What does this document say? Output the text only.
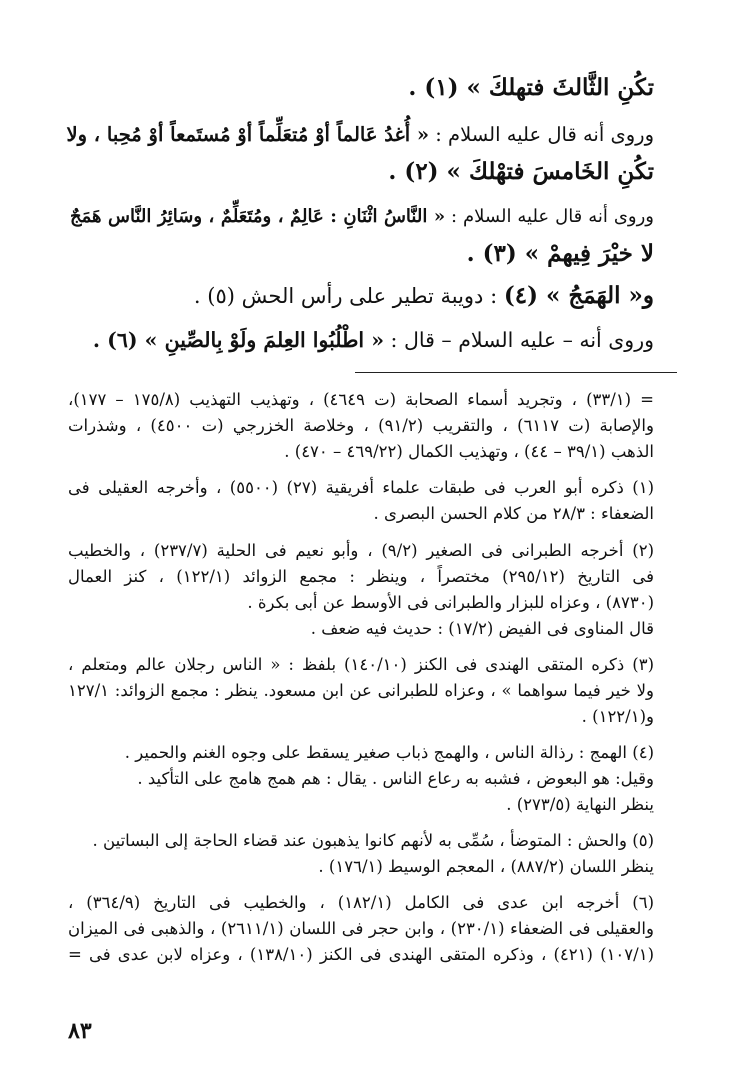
تكُنِ الثَّالثَ فتهلكَ » (١) .
وروى أنه قال عليه السلام : « أُغدُ عَالماً أوْ مُتعَلِّماً أوْ مُستَمعاً أوْ مُحِبا ، ولا
تكُنِ الخَامسَ فتهْلكَ » (٢) .
وروى أنه قال عليه السلام : « النَّاسُ اثْنَانِ : عَالِمٌ ، ومُتَعَلِّمٌ ، وسَائِرُ النَّاس هَمَجٌ
لا خيْرَ فِيهمْ » (٣) .
و« الهَمَجُ » (٤) : دويبة تطير على رأس الحش (٥) .
وروى أنه – عليه السلام – قال : « اطْلُبُوا العِلمَ ولَوْ بِالصِّينِ » (٦) .
= (٣٣/١) ، وتجريد أسماء الصحابة (ت ٤٦٤٩) ، وتهذيب التهذيب (١٧٥/٨ – ١٧٧)،
والإصابة (ت ٦١١٧) ، والتقريب (٩١/٢) ، وخلاصة الخزرجي (ت ٤٥٠٠) ، وشذرات
الذهب (٣٩/١ – ٤٤) ، وتهذيب الكمال (٤٦٩/٢٢ – ٤٧٠) .
(١) ذكره أبو العرب فى طبقات علماء أفريقية (٢٧) (٥٥٠٠) ، وأخرجه العقيلى فى
الضعفاء : ٢٨/٣ من كلام الحسن البصرى .
(٢) أخرجه الطبرانى فى الصغير (٩/٢) ، وأبو نعيم فى الحلية (٢٣٧/٧) ، والخطيب
فى التاريخ (٢٩٥/١٢) مختصراً ، وينظر : مجمع الزوائد (١٢٢/١) ، كنز العمال
(٨٧٣٠) ، وعزاه للبزار والطبرانى فى الأوسط عن أبى بكرة .
قال المناوى فى الفيض (١٧/٢) : حديث فيه ضعف .
(٣) ذكره المتقى الهندى فى الكنز (١٤٠/١٠) بلفظ : « الناس رجلان عالم ومتعلم ،
ولا خير فيما سواهما » ، وعزاه للطبرانى عن ابن مسعود. ينظر : مجمع الزوائد: ١٢٧/١
و(١٢٢/١) .
(٤) الهمج : رذالة الناس ، والهمج ذباب صغير يسقط على وجوه الغنم والحمير .
وقيل: هو البعوض ، فشبه به رعاع الناس . يقال : هم همج هامج على التأكيد .
ينظر النهاية (٢٧٣/٥) .
(٥) والحش : المتوضأ ، سُمِّى به لأنهم كانوا يذهبون عند قضاء الحاجة إلى البساتين .
ينظر اللسان (٨٨٧/٢) ، المعجم الوسيط (١٧٦/١) .
(٦) أخرجه ابن عدى فى الكامل (١٨٢/١) ، والخطيب فى التاريخ (٣٦٤/٩) ،
والعقيلى فى الضعفاء (٢٣٠/١) ، وابن حجر فى اللسان (٢٦١١/١) ، والذهبى فى الميزان
(١٠٧/١) (٤٢١) ، وذكره المتقى الهندى فى الكنز (١٣٨/١٠) ، وعزاه لابن عدى فى =
٨٣
